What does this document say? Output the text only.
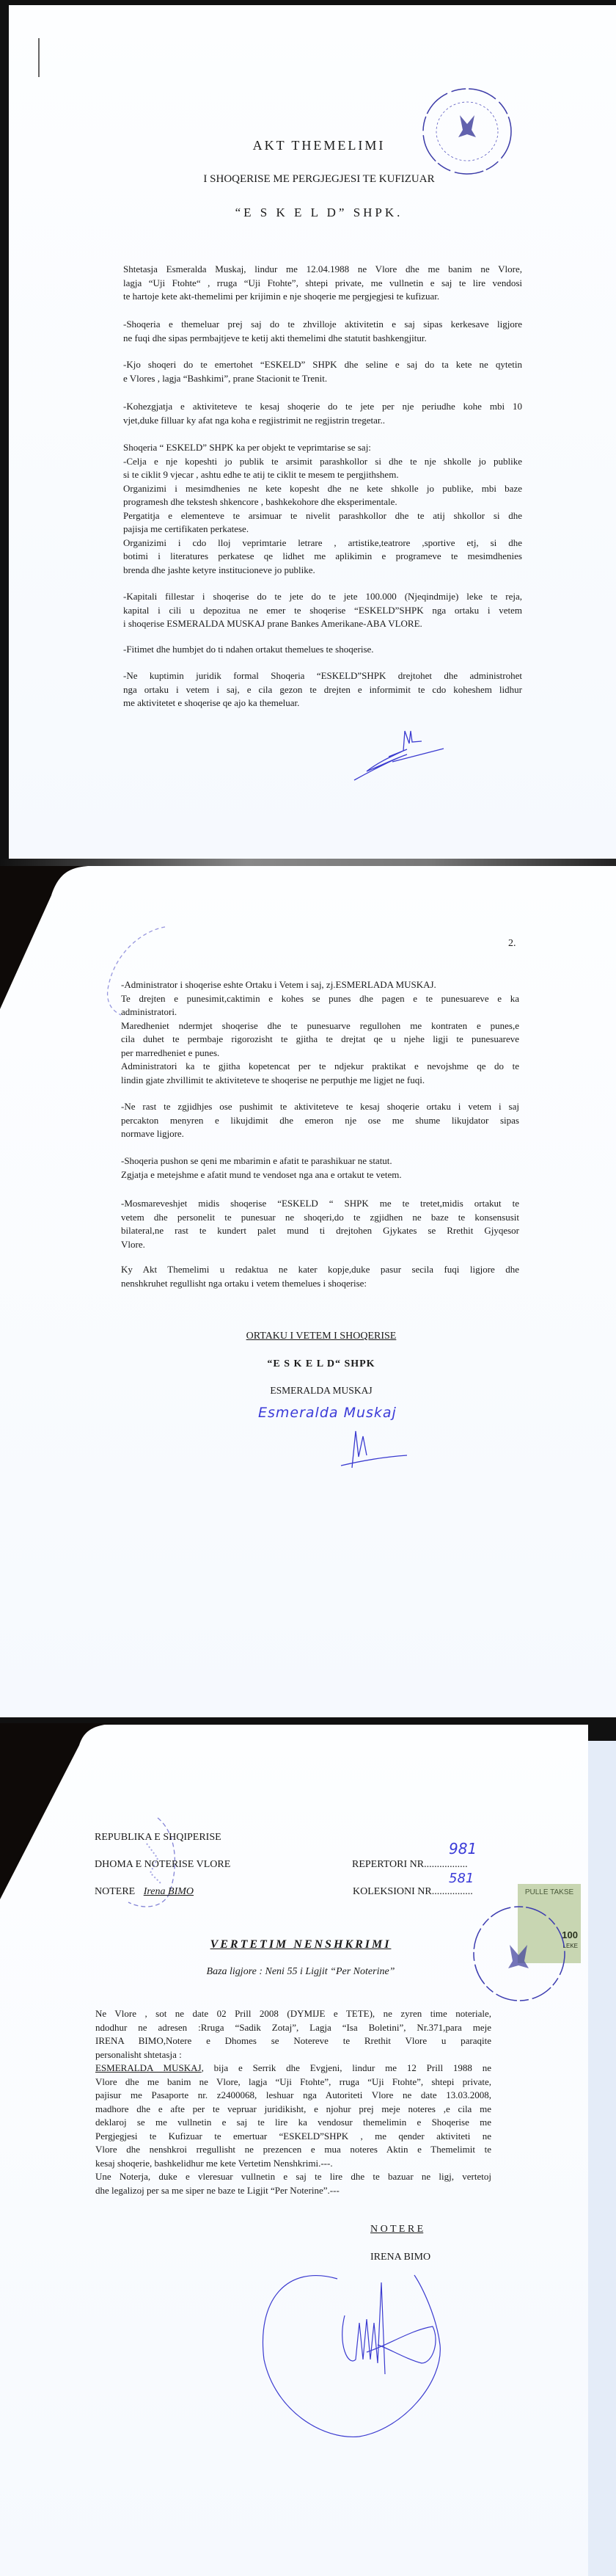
AKT THEMELIMI
I SHOQERISE ME PERGJEGJESI TE KUFIZUAR
“E S K E L D” SHPK.
Shtetasja Esmeralda Muskaj, lindur me 12.04.1988 ne Vlore dhe me banim ne Vlore,
lagja “Uji Ftohte“ , rruga “Uji Ftohte”, shtepi private, me vullnetin e saj te lire vendosi
te hartoje kete akt-themelimi per krijimin e nje shoqerie me pergjegjesi te kufizuar.
-Shoqeria e themeluar prej saj do te zhvilloje aktivitetin e saj sipas kerkesave ligjore
ne fuqi dhe sipas permbajtjeve te ketij akti themelimi dhe statutit bashkengjitur.
-Kjo shoqeri do te emertohet “ESKELD” SHPK dhe seline e saj do ta kete ne qytetin
e Vlores , lagja “Bashkimi”, prane Stacionit te Trenit.
-Kohezgjatja e aktiviteteve te kesaj shoqerie do te jete per nje periudhe kohe mbi 10
vjet,duke filluar ky afat nga koha e regjistrimit ne regjistrin tregetar..
Shoqeria “ ESKELD” SHPK ka per objekt te veprimtarise se saj:
-Celja e nje kopeshti jo publik te arsimit parashkollor si dhe te nje shkolle jo publike
si te ciklit 9 vjecar , ashtu edhe te atij te ciklit te mesem te pergjithshem.
Organizimi i mesimdhenies ne kete kopesht dhe ne kete shkolle jo publike, mbi baze
programesh dhe tekstesh shkencore , bashkekohore dhe eksperimentale.
Pergatitja e elementeve te arsimuar te nivelit parashkollor dhe te atij shkollor si dhe
pajisja me certifikaten perkatese.
Organizimi i cdo lloj veprimtarie letrare , artistike,teatrore ,sportive etj, si dhe
botimi i literatures perkatese qe lidhet me aplikimin e programeve te mesimdhenies
brenda dhe jashte ketyre institucioneve jo publike.
-Kapitali fillestar i shoqerise do te jete do te jete 100.000 (Njeqindmije) leke te reja,
kapital i cili u depozitua ne emer te shoqerise “ESKELD”SHPK nga ortaku i vetem
i shoqerise ESMERALDA MUSKAJ prane Bankes Amerikane-ABA VLORE.
-Fitimet dhe humbjet do ti ndahen ortakut themelues te shoqerise.
-Ne kuptimin juridik formal Shoqeria “ESKELD”SHPK drejtohet dhe administrohet
nga ortaku i vetem i saj, e cila gezon te drejten e informimit te cdo koheshem lidhur
me aktivitetet e shoqerise qe ajo ka themeluar.
2.
-Administrator i shoqerise eshte Ortaku i Vetem i saj, zj.ESMERLADA MUSKAJ.
Te drejten e punesimit,caktimin e kohes se punes dhe pagen e te punesuareve e ka
administratori.
Maredheniet ndermjet shoqerise dhe te punesuarve regullohen me kontraten e punes,e
cila duhet te permbaje rigorozisht te gjitha te drejtat qe u njehe ligji te punesuareve
per marredheniet e punes.
Administratori ka te gjitha kopetencat per te ndjekur praktikat e nevojshme qe do te
lindin gjate zhvillimit te aktiviteteve te shoqerise ne perputhje me ligjet ne fuqi.
-Ne rast te zgjidhjes ose pushimit te aktiviteteve te kesaj shoqerie ortaku i vetem i saj
percakton menyren e likujdimit dhe emeron nje ose me shume likujdator sipas
normave ligjore.
-Shoqeria pushon se qeni me mbarimin e afatit te parashikuar ne statut.
Zgjatja e metejshme e afatit mund te vendoset nga ana e ortakut te vetem.
-Mosmareveshjet midis shoqerise “ESKELD “ SHPK me te tretet,midis ortakut te
vetem dhe personelit te punesuar ne shoqeri,do te zgjidhen ne baze te konsensusit
bilateral,ne rast te kundert palet mund ti drejtohen Gjykates se Rrethit Gjyqesor
Vlore.
Ky Akt Themelimi u redaktua ne kater kopje,duke pasur secila fuqi ligjore dhe
nenshkruhet regullisht nga ortaku i vetem themelues i shoqerise:
ORTAKU I VETEM I SHOQERISE
“E S K E L D“ SHPK
ESMERALDA MUSKAJ
Esmeralda Muskaj
REPUBLIKA E SHQIPERISE
DHOMA E NOTERISE VLORE
NOTERE Irena BIMO
981
REPERTORI NR.................
581
KOLEKSIONI NR................	PULLE TAKSE
100
LEKE
VERTETIM NENSHKRIMI
Baza ligjore : Neni 55 i Ligjit “Per Noterine”
Ne Vlore , sot ne date 02 Prill 2008 (DYMIJE e TETE), ne zyren time noteriale,
ndodhur ne adresen :Rruga “Sadik Zotaj”, Lagja “Isa Boletini”, Nr.371,para meje
IRENA BIMO,Notere e Dhomes se Notereve te Rrethit Vlore u paraqite
personalisht shtetasja :
ESMERALDA MUSKAJ, bija e Serrik dhe Evgjeni, lindur me 12 Prill 1988 ne
Vlore dhe me banim ne Vlore, lagja “Uji Ftohte”, rruga “Uji Ftohte”, shtepi private,
pajisur me Pasaporte nr. z2400068, leshuar nga Autoriteti Vlore ne date 13.03.2008,
madhore dhe e afte per te vepruar juridikisht, e njohur prej meje noteres ,e cila me
deklaroj se me vullnetin e saj te lire ka vendosur themelimin e Shoqerise me
Pergjegjesi te Kufizuar te emertuar “ESKELD”SHPK , me qender aktiviteti ne
Vlore dhe nenshkroi rregullisht ne prezencen e mua noteres Aktin e Themelimit te
kesaj shoqerie, bashkelidhur me kete Vertetim Nenshkrimi.---.
Une Noterja, duke e vleresuar vullnetin e saj te lire dhe te bazuar ne ligj, vertetoj
dhe legalizoj per sa me siper ne baze te Ligjit “Per Noterine”.---
N O T E R E
IRENA BIMO
